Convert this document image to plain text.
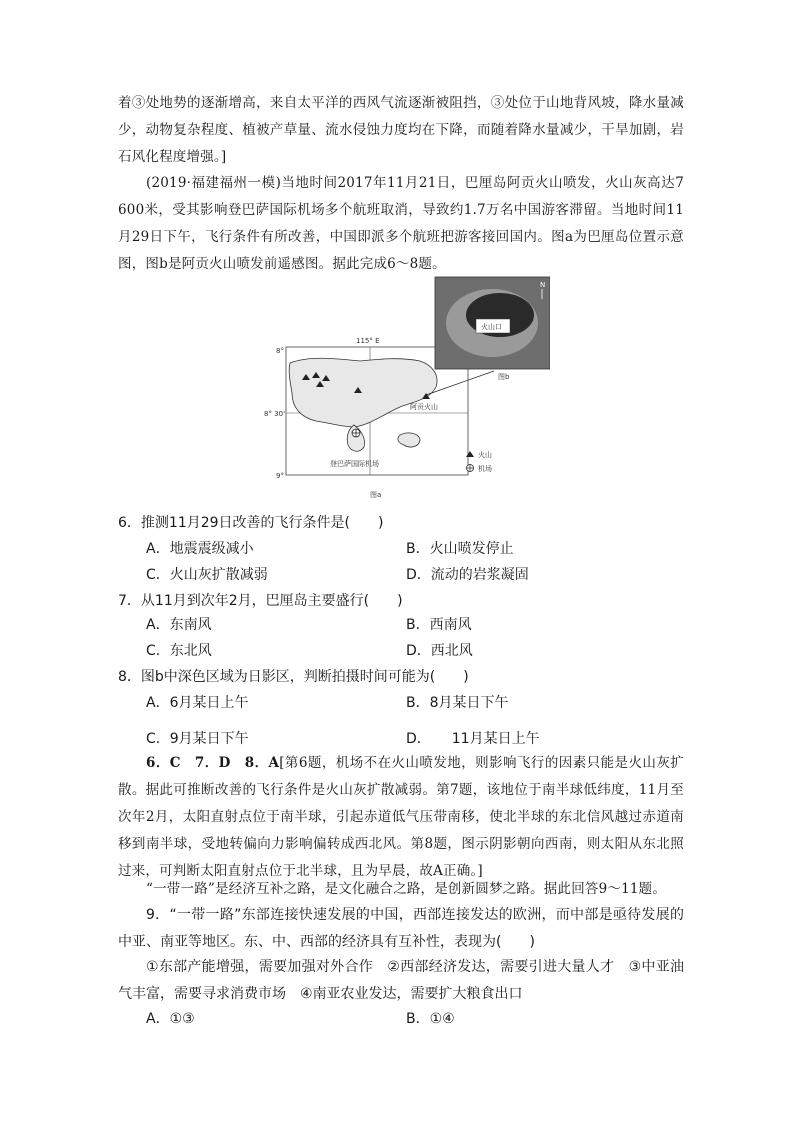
着③处地势的逐渐增高，来自太平洋的西风气流逐渐被阻挡，③处位于山地背风坡，降水量减少，动物复杂程度、植被产草量、流水侵蚀力度均在下降，而随着降水量减少，干旱加剧，岩石风化程度增强。]

(2019·福建福州一模)当地时间2017年11月21日，巴厘岛阿贡火山喷发，火山灰高达7 600米，受其影响登巴萨国际机场多个航班取消，导致约1.7万名中国游客滞留。当地时间11月29日下午，飞行条件有所改善，中国即派多个航班把游客接回国内。图a为巴厘岛位置示意图，图b是阿贡火山喷发前遥感图。据此完成6～8题。

115° E
8°
8° 30'
9°
阿贡火山
登巴萨国际机场
火山
机场
图a
火山口
N
图b
6．推测11月29日改善的飞行条件是(　　)
A．地震震级减小	B．火山喷发停止
C．火山灰扩散减弱	D．流动的岩浆凝固
7．从11月到次年2月，巴厘岛主要盛行(　　)
A．东南风	B．西南风
C．东北风	D．西北风
8．图b中深色区域为日影区，判断拍摄时间可能为(　　)
A．6月某日上午	B．8月某日下午
C．9月某日下午	D．　　11月某日上午

6．C　7．D　8．A[第6题，机场不在火山喷发地，则影响飞行的因素只能是火山灰扩散。据此可推断改善的飞行条件是火山灰扩散减弱。第7题，该地位于南半球低纬度，11月至次年2月，太阳直射点位于南半球，引起赤道低气压带南移，使北半球的东北信风越过赤道南移到南半球，受地转偏向力影响偏转成西北风。第8题，图示阴影朝向西南，则太阳从东北照过来，可判断太阳直射点位于北半球，且为早晨，故A正确。]

“一带一路”是经济互补之路，是文化融合之路，是创新圆梦之路。据此回答9～11题。

9．“一带一路”东部连接快速发展的中国，西部连接发达的欧洲，而中部是亟待发展的中亚、南亚等地区。东、中、西部的经济具有互补性，表现为(　　)

①东部产能增强，需要加强对外合作　②西部经济发达，需要引进大量人才　③中亚油气丰富，需要寻求消费市场　④南亚农业发达，需要扩大粮食出口

A．①③	B．①④
